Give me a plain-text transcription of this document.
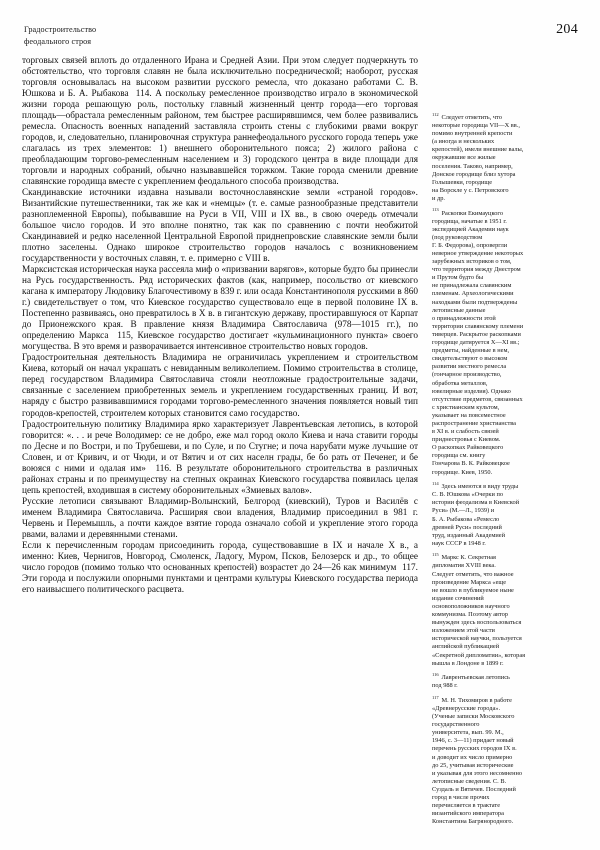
Градостроительство
феодального строя
204

торговых связей вплоть до отдаленного Ирана и Средней Азии. При этом следует подчеркнуть то обстоятельство, что торговля славян не была исключительно посреднической; наоборот, русская торговля основывалась на высоком развитии русского ремесла, что доказано работами С. В. Юшкова и Б. А. Рыбакова  114. А поскольку ремесленное производство играло в экономической жизни города решающую роль, постольку главный жизненный центр города—его торговая площадь—обрастала ремесленным районом, тем быстрее расширявшимся, чем более развивались ремесла. Опасность военных нападений заставляла строить стены с глубокими рвами вокруг городов, и, следовательно, планировочная структура раннефеодального русского города теперь уже слагалась из трех элементов: 1) внешнего оборонительного пояса; 2) жилого района с преобладающим торгово-ремесленным населением и 3) городского центра в виде площади для торговли и народных собраний, обычно называвшейся торжком. Такие города сменили древние славянские городища вместе с укреплением феодального способа производства.

Скандинавские источники издавна называли восточнославянские земли «страной городов». Византийские путешественники, так же как и «немцы» (т. е. самые разнообразные представители разноплеменной Европы), побывавшие на Руси в VII, VIII и IX вв., в свою очередь отмечали большое число городов. И это вполне понятно, так как по сравнению с почти необжитой Скандинавией и редко населенной Центральной Европой приднепровские славянские земли были плотно заселены. Однако широкое строительство городов началось с возникновением государственности у восточных славян, т. е. примерно с VIII в.

Марксистская историческая наука рассеяла миф о «призвании варягов», которые будто бы принесли на Русь государственность. Ряд исторических фактов (как, например, посольство от киевского кагана к императору Людовику Благочестивому в 839 г. или осада Константинополя русскими в 860 г.) свидетельствует о том, что Киевское государство существовало еще в первой половине IX в. Постепенно развиваясь, оно превратилось в X в. в гигантскую державу, простиравшуюся от Карпат до Прионежского края. В правление князя Владимира Святославича (978—1015 гг.), по определению Маркса  115, Киевское государство достигает «кульминационного пункта» своего могущества. В это время и разворачивается интенсивное строительство новых городов.

Градостроительная деятельность Владимира не ограничилась укреплением и строительством Киева, который он начал украшать с невиданным великолепием. Помимо строительства в столице, перед государством Владимира Святославича стояли неотложные градостроительные задачи, связанные с заселением приобретенных земель и укреплением государственных границ. И вот, наряду с быстро развивавшимися городами торгово-ремесленного значения появляется новый тип городов-крепостей, строителем которых становится само государство.

Градостроительную политику Владимира ярко характеризует Лаврентьевская летопись, в которой говорится: «. . . и рече Володимер: се не добро, еже мал город около Киева и нача ставити городы по Десне и по Востри, и по Трубешеви, и по Суле, и по Стугне; и поча нарубати муже лучьшие от Словен, и от Кривич, и от Чюди, и от Вятич и от сих населн грады, бе бо рать от Печенег, и бе воюяся с ними и одалая им»  116. В результате оборонительного строительства в различных районах страны и по преимуществу на степных окраинах Киевского государства появилась целая цепь крепостей, входившая в систему оборонительных «Змиевых валов».

Русские летописи связывают Владимир-Волынский, Белгород (киевский), Туров и Василёв с именем Владимира Святославича. Расширяя свои владения, Владимир присоединил в 981 г. Червень и Перемышль, а почти каждое взятие города означало собой и укрепление этого города рвами, валами и деревянными стенами.

Если к перечисленным городам присоединить города, существовавшие в IX и начале X в., а именно: Киев, Чернигов, Новгород, Смоленск, Ладогу, Муром, Псков, Белозерск и др., то общее число городов (помимо только что основанных крепостей) возрастет до 24—26 как минимум  117. Эти города и послужили опорными пунктами и центрами культуры Киевского государства периода его наивысшего политического расцвета.

$^{112}$ Следует отметить, что
некоторые городища VII—X вв.,
помимо внутренней крепости
(а иногда и нескольких
крепостей), имели внешние валы,
окружавшие все жилые
поселения. Таково, например,
Донское городище близ хутора
Голышевки, городище
на Ворскле у с. Петровского
и др.

$^{113}$ Раскопки Екимауцкого
городища, начатые в 1951 г.
экспедицией Академии наук
(под руководством
Г. Б. Федорова), опровергли
неверное утверждение некоторых
зарубежных историков о том,
что территория между Днестром
и Прутом будто бы
не принадлежала славянским
племенам. Археологическими
находками были подтверждены
летописные данные
о принадлежности этой
территории славянскому племени
тиверцев. Раскрытое раскопками
городище датируется X—XI вв.;
предметы, найденные в нем,
свидетельствуют о высоком
развитии местного ремесла
(гончарное производство,
обработка металлов,
ювелирные изделия). Однако
отсутствие предметов, связанных
с христианским культом,
указывает на повсеместное
распространение христианства
в XI в. и слабость связей
приднестровья с Киевом.
О раскопках Райковецкого
городища см. книгу
Гончарова В. К. Райковецкое
городище. Киев, 1950.

$^{114}$ Здесь имеются в виду труды
С. В. Юшкова «Очерки по
истории феодализма в Киевской
Руси» (М.—Л., 1939) и
Б. А. Рыбакова «Ремесло
древней Руси» последний
труд, изданный Академией
наук СССР в 1948 г.

$^{115}$ Маркс К. Секретная
дипломатия XVIII века.
Следует отметить, что важное
произведение Маркса «еще
не вошло в публикуемое ныне
издание сочинений
основоположников научного
коммунизма. Поэтому автор
вынужден здесь воспользоваться
изложением этой части
исторической научки, пользуется
английской публикацией
«Секретной дипломатии», которая
вышла в Лондоне в 1899 г.

$^{116}$ Лаврентьевская летопись
под 988 г.

$^{117}$ М. Н. Тихомиров в работе
«Древнерусские города».
(Ученые записки Московского
государственного
университета, вып. 99. М.,
1946, с. 3—11) придает новый
перечень русских городов IX в.
и доводит их число примерно
до 25, учитывая исторические
и указывая для этого несомненно
летописные сведения. С. В.
Суздаль и Вятичев. Последний
город в числе прочих
перечисляется в трактате
византийского императора
Константина Багрянородного.
